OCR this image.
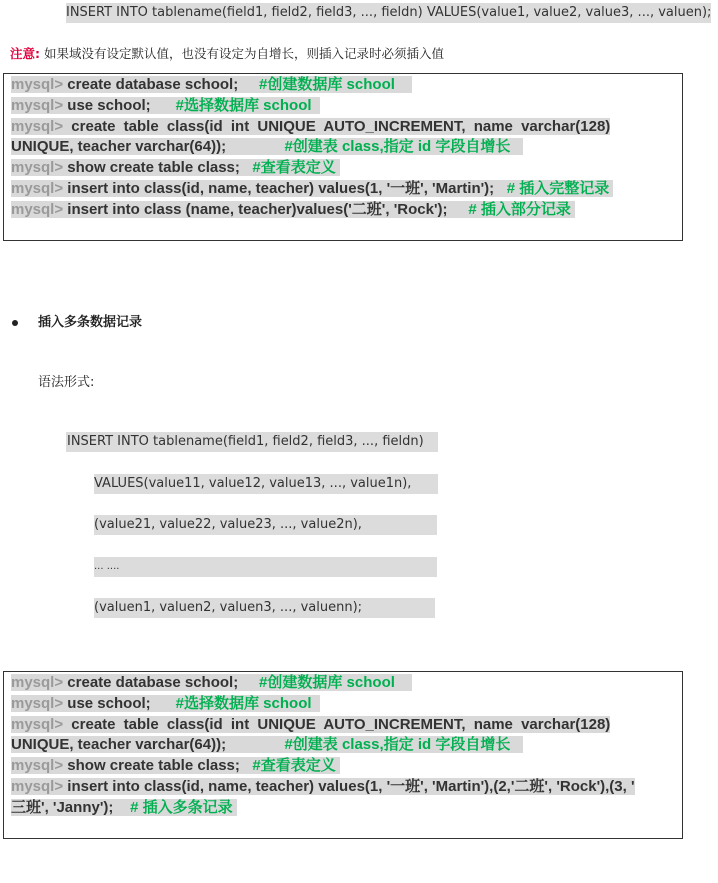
INSERT INTO tablename(field1, field2, field3, ..., fieldn) VALUES(value1, value2, value3, ..., valuen);
注意: 如果域没有设定默认值，也没有设定为自增长，则插入记录时必须插入值
mysql> create database school; #创建数据库 school
mysql> use school; #选择数据库 school
mysql> create table class(id int UNIQUE AUTO_INCREMENT, name varchar(128)
UNIQUE, teacher varchar(64));	#创建表 class,指定 id 字段自增长
mysql> show create table class; #查看表定义
mysql> insert into class(id, name, teacher) values(1, '一班', 'Martin'); # 插入完整记录
mysql> insert into class (name, teacher)values('二班', 'Rock'); # 插入部分记录
插入多条数据记录
语法形式:
INSERT INTO tablename(field1, field2, field3, ..., fieldn)
VALUES(value11, value12, value13, ..., value1n),
(value21, value22, value23, ..., value2n),
... ....
(valuen1, valuen2, valuen3, ..., valuenn);
mysql> create database school; #创建数据库 school
mysql> use school; #选择数据库 school
mysql> create table class(id int UNIQUE AUTO_INCREMENT, name varchar(128)
UNIQUE, teacher varchar(64));	#创建表 class,指定 id 字段自增长
mysql> show create table class; #查看表定义
mysql> insert into class(id, name, teacher) values(1, '一班', 'Martin'),(2,'二班', 'Rock'),(3, '
三班', 'Janny'); # 插入多条记录
